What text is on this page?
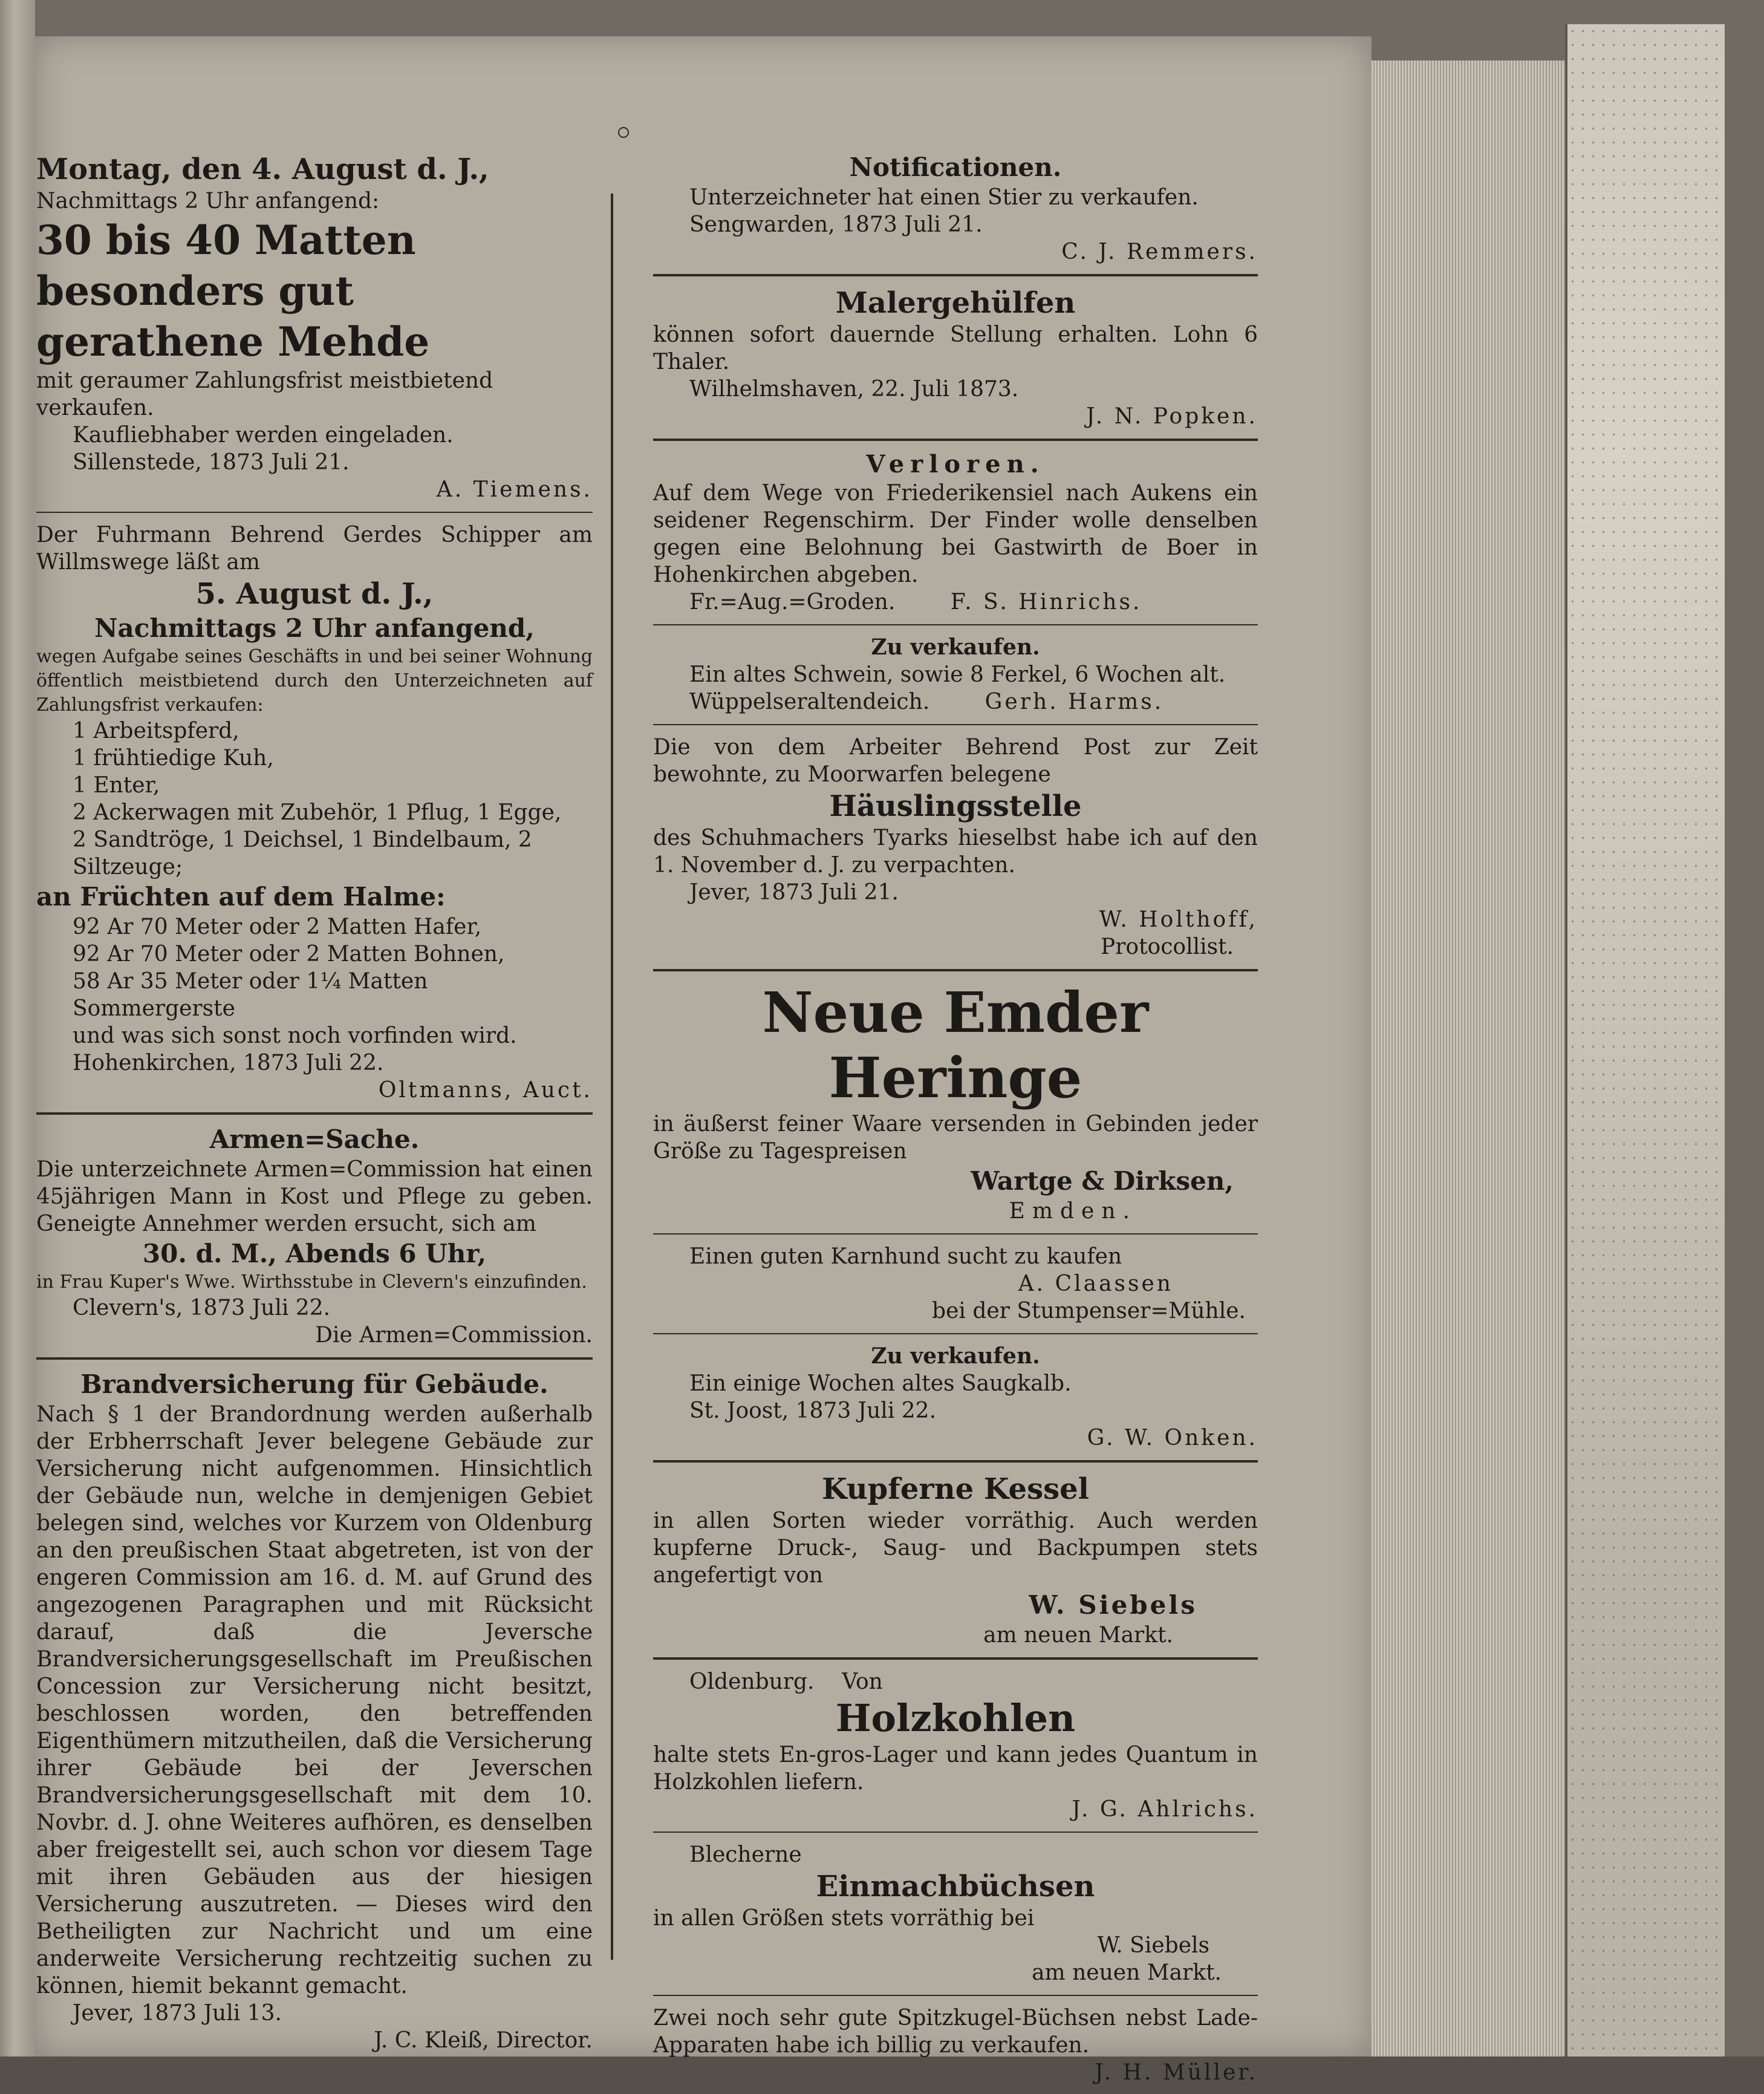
Montag, den 4. August d. J.,
Nachmittags 2 Uhr anfangend:
30 bis 40 Matten besonders gut gerathene Mehde
mit geraumer Zahlungsfrist meistbietend verkaufen.
Kaufliebhaber werden eingeladen.
Sillenstede, 1873 Juli 21.
A. Tiemens.
Der Fuhrmann Behrend Gerdes Schipper am Willmswege läßt am
5. August d. J.,
Nachmittags 2 Uhr anfangend,
wegen Aufgabe seines Geschäfts in und bei seiner Wohnung öffentlich meistbietend durch den Unterzeichneten auf Zahlungsfrist verkaufen:
1 Arbeitspferd,
1 frühtiedige Kuh,
1 Enter,
2 Ackerwagen mit Zubehör, 1 Pflug, 1 Egge,
2 Sandtröge, 1 Deichsel, 1 Bindelbaum, 2 Siltzeuge;
an Früchten auf dem Halme:
92 Ar 70 Meter oder 2 Matten Hafer,
92 Ar 70 Meter oder 2 Matten Bohnen,
58 Ar 35 Meter oder 1¼ Matten Sommergerste
und was sich sonst noch vorfinden wird.
Hohenkirchen, 1873 Juli 22.
Oltmanns, Auct.
Armen=Sache.
Die unterzeichnete Armen=Commission hat einen 45jährigen Mann in Kost und Pflege zu geben. Geneigte Annehmer werden ersucht, sich am
30. d. M., Abends 6 Uhr,
in Frau Kuper's Wwe. Wirthsstube in Clevern's einzufinden.
Clevern's, 1873 Juli 22.
Die Armen=Commission.
Brandversicherung für Gebäude.
Nach § 1 der Brandordnung werden außerhalb der Erbherrschaft Jever belegene Gebäude zur Versicherung nicht aufgenommen. Hinsichtlich der Gebäude nun, welche in demjenigen Gebiet belegen sind, welches vor Kurzem von Oldenburg an den preußischen Staat abgetreten, ist von der engeren Commission am 16. d. M. auf Grund des angezogenen Paragraphen und mit Rücksicht darauf, daß die Jeversche Brandversicherungsgesellschaft im Preußischen Concession zur Versicherung nicht besitzt, beschlossen worden, den betreffenden Eigenthümern mitzutheilen, daß die Versicherung ihrer Gebäude bei der Jeverschen Brandversicherungsgesellschaft mit dem 10. Novbr. d. J. ohne Weiteres aufhören, es denselben aber freigestellt sei, auch schon vor diesem Tage mit ihren Gebäuden aus der hiesigen Versicherung auszutreten. — Dieses wird den Betheiligten zur Nachricht und um eine anderweite Versicherung rechtzeitig suchen zu können, hiemit bekannt gemacht.
Jever, 1873 Juli 13.
J. C. Kleiß, Director.
Notificationen.
Unterzeichneter hat einen Stier zu verkaufen.
Sengwarden, 1873 Juli 21.
C. J. Remmers.
Malergehülfen
können sofort dauernde Stellung erhalten. Lohn 6 Thaler.
Wilhelmshaven, 22. Juli 1873.
J. N. Popken.
Verloren.
Auf dem Wege von Friederikensiel nach Aukens ein seidener Regenschirm. Der Finder wolle denselben gegen eine Belohnung bei Gastwirth de Boer in Hohenkirchen abgeben.
Fr.=Aug.=Groden.	F. S. Hinrichs.
Zu verkaufen.
Ein altes Schwein, sowie 8 Ferkel, 6 Wochen alt.
Wüppelseraltendeich.	Gerh. Harms.
Die von dem Arbeiter Behrend Post zur Zeit bewohnte, zu Moorwarfen belegene
Häuslingsstelle
des Schuhmachers Tyarks hieselbst habe ich auf den 1. November d. J. zu verpachten.
Jever, 1873 Juli 21.
W. Holthoff,
Protocollist.
Neue Emder Heringe
in äußerst feiner Waare versenden in Gebinden jeder Größe zu Tagespreisen
Wartge & Dirksen,
Emden.
Einen guten Karnhund sucht zu kaufen
A. Claassen
bei der Stumpenser=Mühle.
Zu verkaufen.
Ein einige Wochen altes Saugkalb.
St. Joost, 1873 Juli 22.
G. W. Onken.
Kupferne Kessel
in allen Sorten wieder vorräthig. Auch werden kupferne Druck-, Saug- und Backpumpen stets angefertigt von
W. Siebels
am neuen Markt.
Oldenburg.    Von
Holzkohlen
halte stets En-gros-Lager und kann jedes Quantum in Holzkohlen liefern.
J. G. Ahlrichs.
Blecherne
Einmachbüchsen
in allen Größen stets vorräthig bei
W. Siebels
am neuen Markt.
Zwei noch sehr gute Spitzkugel-Büchsen nebst Lade-Apparaten habe ich billig zu verkaufen.
J. H. Müller.
